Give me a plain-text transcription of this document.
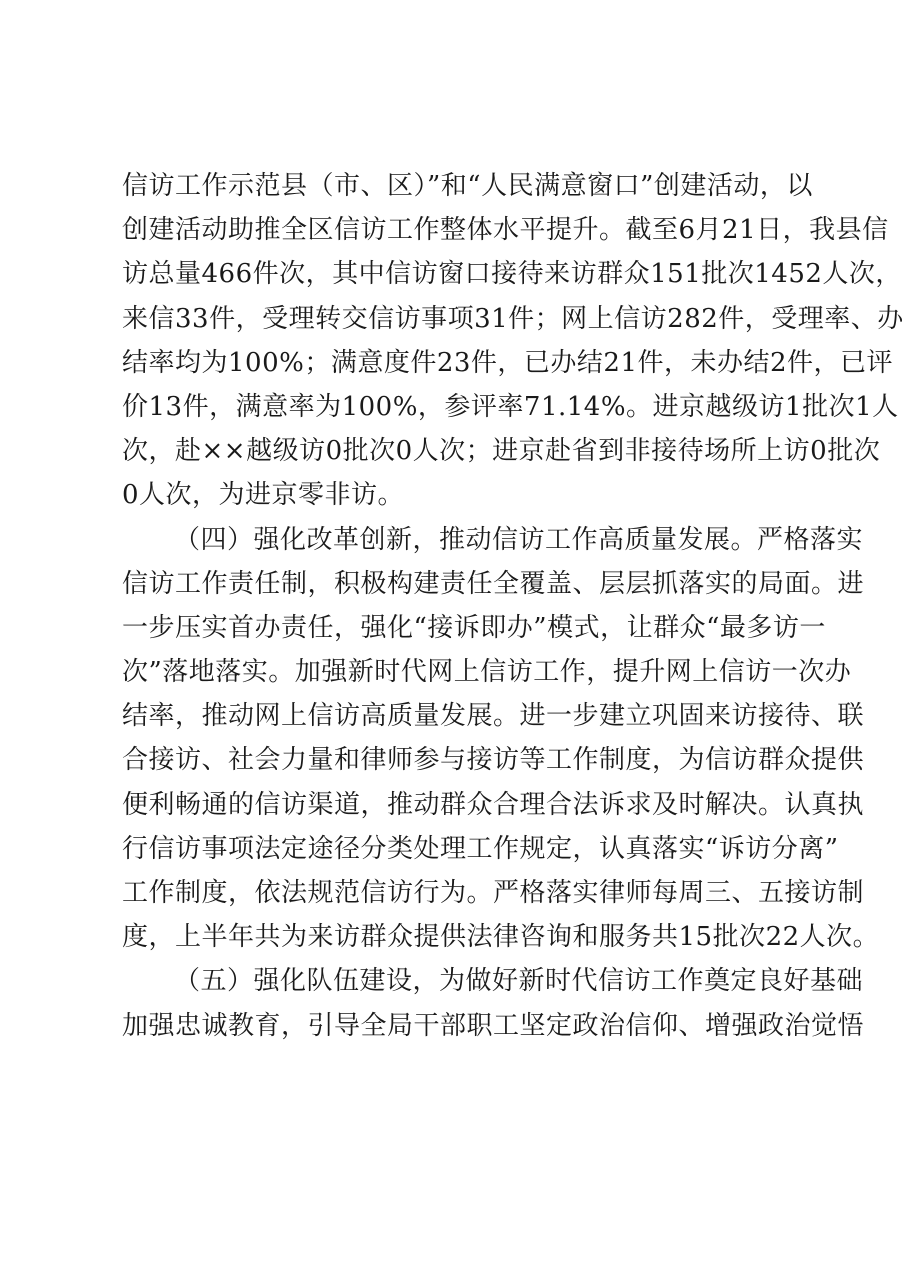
信访工作示范县（市、区）”和“人民满意窗口”创建活动，以
创建活动助推全区信访工作整体水平提升。截至6月21日，我县信
访总量466件次，其中信访窗口接待来访群众151批次1452人次，
来信33件，受理转交信访事项31件；网上信访282件，受理率、办
结率均为100%；满意度件23件，已办结21件，未办结2件，已评
价13件，满意率为100%，参评率71.14%。进京越级访1批次1人
次，赴××越级访0批次0人次；进京赴省到非接待场所上访0批次
0人次，为进京零非访。
（四）强化改革创新，推动信访工作高质量发展。严格落实
信访工作责任制，积极构建责任全覆盖、层层抓落实的局面。进
一步压实首办责任，强化“接诉即办”模式，让群众“最多访一
次”落地落实。加强新时代网上信访工作，提升网上信访一次办
结率，推动网上信访高质量发展。进一步建立巩固来访接待、联
合接访、社会力量和律师参与接访等工作制度，为信访群众提供
便利畅通的信访渠道，推动群众合理合法诉求及时解决。认真执
行信访事项法定途径分类处理工作规定，认真落实“诉访分离”
工作制度，依法规范信访行为。严格落实律师每周三、五接访制
度，上半年共为来访群众提供法律咨询和服务共15批次22人次。
（五）强化队伍建设，为做好新时代信访工作奠定良好基础
加强忠诚教育，引导全局干部职工坚定政治信仰、增强政治觉悟
